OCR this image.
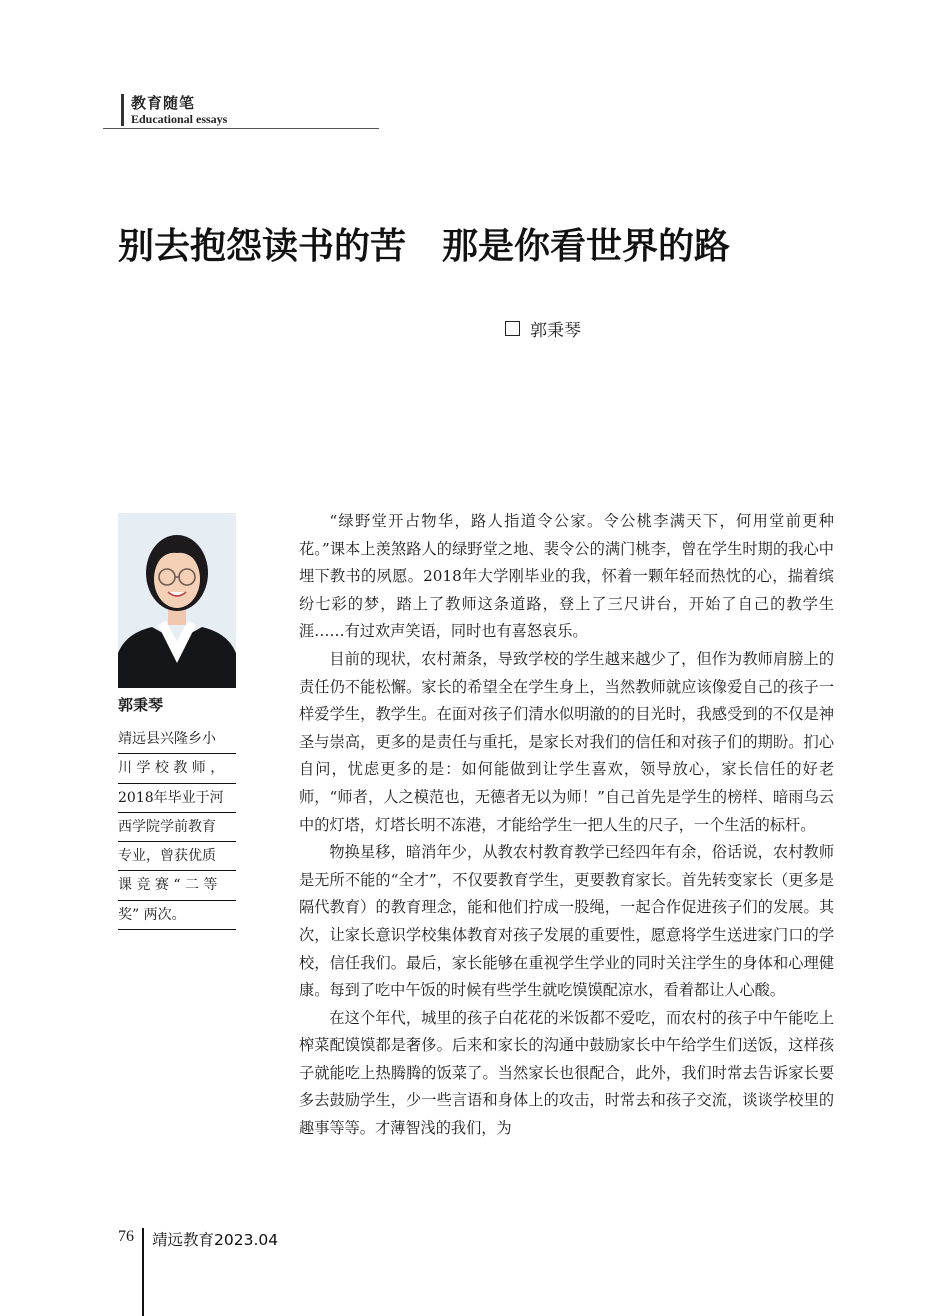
教育随笔
Educational essays
别去抱怨读书的苦　那是你看世界的路
郭秉琴
郭秉琴
靖远县兴隆乡小
川 学 校 教 师 ，
2018年毕业于河
西学院学前教育
专业，曾获优质
课 竞 赛 “ 二 等
奖” 两次。

“绿野堂开占物华，路人指道令公家。令公桃李满天下，何用堂前更种花。”课本上羡煞路人的绿野堂之地、裴令公的满门桃李，曾在学生时期的我心中埋下教书的夙愿。2018年大学刚毕业的我，怀着一颗年轻而热忱的心，揣着缤纷七彩的梦，踏上了教师这条道路，登上了三尺讲台，开始了自己的教学生涯……有过欢声笑语，同时也有喜怒哀乐。

目前的现状，农村萧条，导致学校的学生越来越少了，但作为教师肩膀上的责任仍不能松懈。家长的希望全在学生身上，当然教师就应该像爱自己的孩子一样爱学生，教学生。在面对孩子们清水似明澈的的目光时，我感受到的不仅是神圣与崇高，更多的是责任与重托，是家长对我们的信任和对孩子们的期盼。扪心自问，忧虑更多的是：如何能做到让学生喜欢，领导放心，家长信任的好老师，“师者，人之模范也，无德者无以为师！”自己首先是学生的榜样、暗雨乌云中的灯塔，灯塔长明不冻港，才能给学生一把人生的尺子，一个生活的标杆。

物换星移，暗消年少，从教农村教育教学已经四年有余，俗话说，农村教师是无所不能的“全才”，不仅要教育学生，更要教育家长。首先转变家长（更多是隔代教育）的教育理念，能和他们拧成一股绳，一起合作促进孩子们的发展。其次，让家长意识学校集体教育对孩子发展的重要性，愿意将学生送进家门口的学校，信任我们。最后，家长能够在重视学生学业的同时关注学生的身体和心理健康。每到了吃中午饭的时候有些学生就吃馍馍配凉水，看着都让人心酸。

在这个年代，城里的孩子白花花的米饭都不爱吃，而农村的孩子中午能吃上榨菜配馍馍都是奢侈。后来和家长的沟通中鼓励家长中午给学生们送饭，这样孩子就能吃上热腾腾的饭菜了。当然家长也很配合，此外，我们时常去告诉家长要多去鼓励学生，少一些言语和身体上的攻击，时常去和孩子交流，谈谈学校里的趣事等等。才薄智浅的我们，为

76	靖远教育2023.04
